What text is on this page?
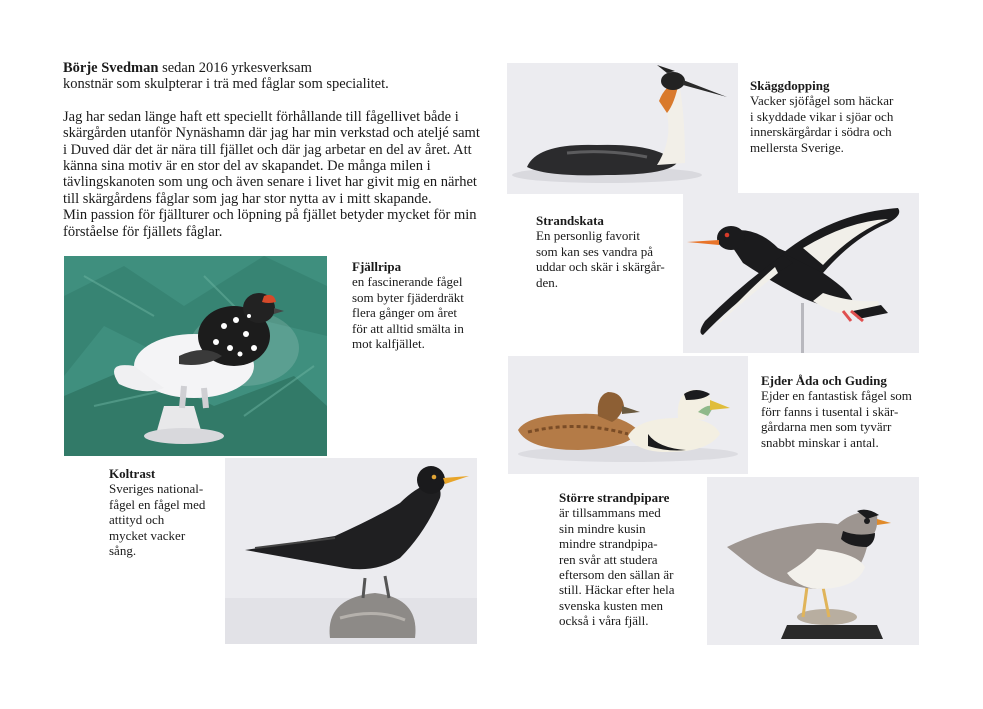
Börje Svedman sedan 2016 yrkesverksam

konstnär som skulpterar i trä med fåglar som specialitet.

Jag har sedan länge haft ett speciellt förhållande till fågellivet både i skärgården utanför Nynäshamn där jag har min verkstad och ateljé samt i Duved där det är nära till fjället och där jag arbetar en del av året. Att känna sina motiv är en stor del av skapandet. De många milen i tävlingskanoten som ung och även senare i livet har givit mig en närhet till skärgårdens fåglar som jag har stor nytta av i mitt skapande.

Min passion för fjällturer och löpning på fjället betyder mycket för min förståelse för fjällets fåglar.

Fjällripa
en fascinerande fågel
som byter fjäderdräkt
flera gånger om året
för att alltid smälta in
mot kalfjället.
Koltrast
Sveriges national-
fågel en fågel med
attityd och
mycket vacker
sång.
Skäggdopping
Vacker sjöfågel som häckar
i skyddade vikar i sjöar och
innerskärgårdar i södra och
mellersta Sverige.
Strandskata
En personlig favorit
som kan ses vandra på
uddar och skär i skärgår-
den.
Ejder Åda och Guding
Ejder en fantastisk fågel som
förr fanns i tusental i skär-
gårdarna men som tyvärr
snabbt minskar i antal.
Större strandpipare
är tillsammans med
sin mindre kusin
mindre strandpipa-
ren svår att studera
eftersom den sällan är
still. Häckar efter hela
svenska kusten men
också i våra fjäll.
